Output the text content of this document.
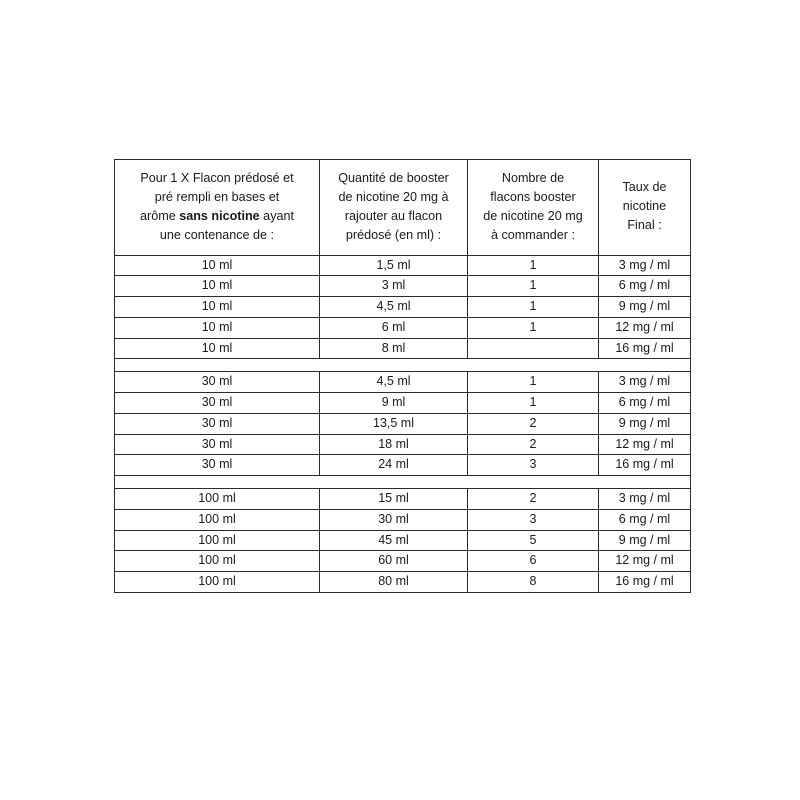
Pour 1 X Flacon prédosé et
pré rempli en bases et
arôme sans nicotine ayant
une contenance de :	Quantité de booster
de nicotine 20 mg à
rajouter au flacon
prédosé (en ml) :	Nombre de
flacons booster
de nicotine 20 mg
à commander :	Taux de
nicotine
Final :
10 ml	1,5 ml	1	3 mg / ml
10 ml	3 ml	1	6 mg / ml
10 ml	4,5 ml	1	9 mg / ml
10 ml	6 ml	1	12 mg / ml
10 ml	8 ml		16 mg / ml

30 ml	4,5 ml	1	3 mg / ml
30 ml	9 ml	1	6 mg / ml
30 ml	13,5 ml	2	9 mg / ml
30 ml	18 ml	2	12 mg / ml
30 ml	24 ml	3	16 mg / ml

100 ml	15 ml	2	3 mg / ml
100 ml	30 ml	3	6 mg / ml
100 ml	45 ml	5	9 mg / ml
100 ml	60 ml	6	12 mg / ml
100 ml	80 ml	8	16 mg / ml
